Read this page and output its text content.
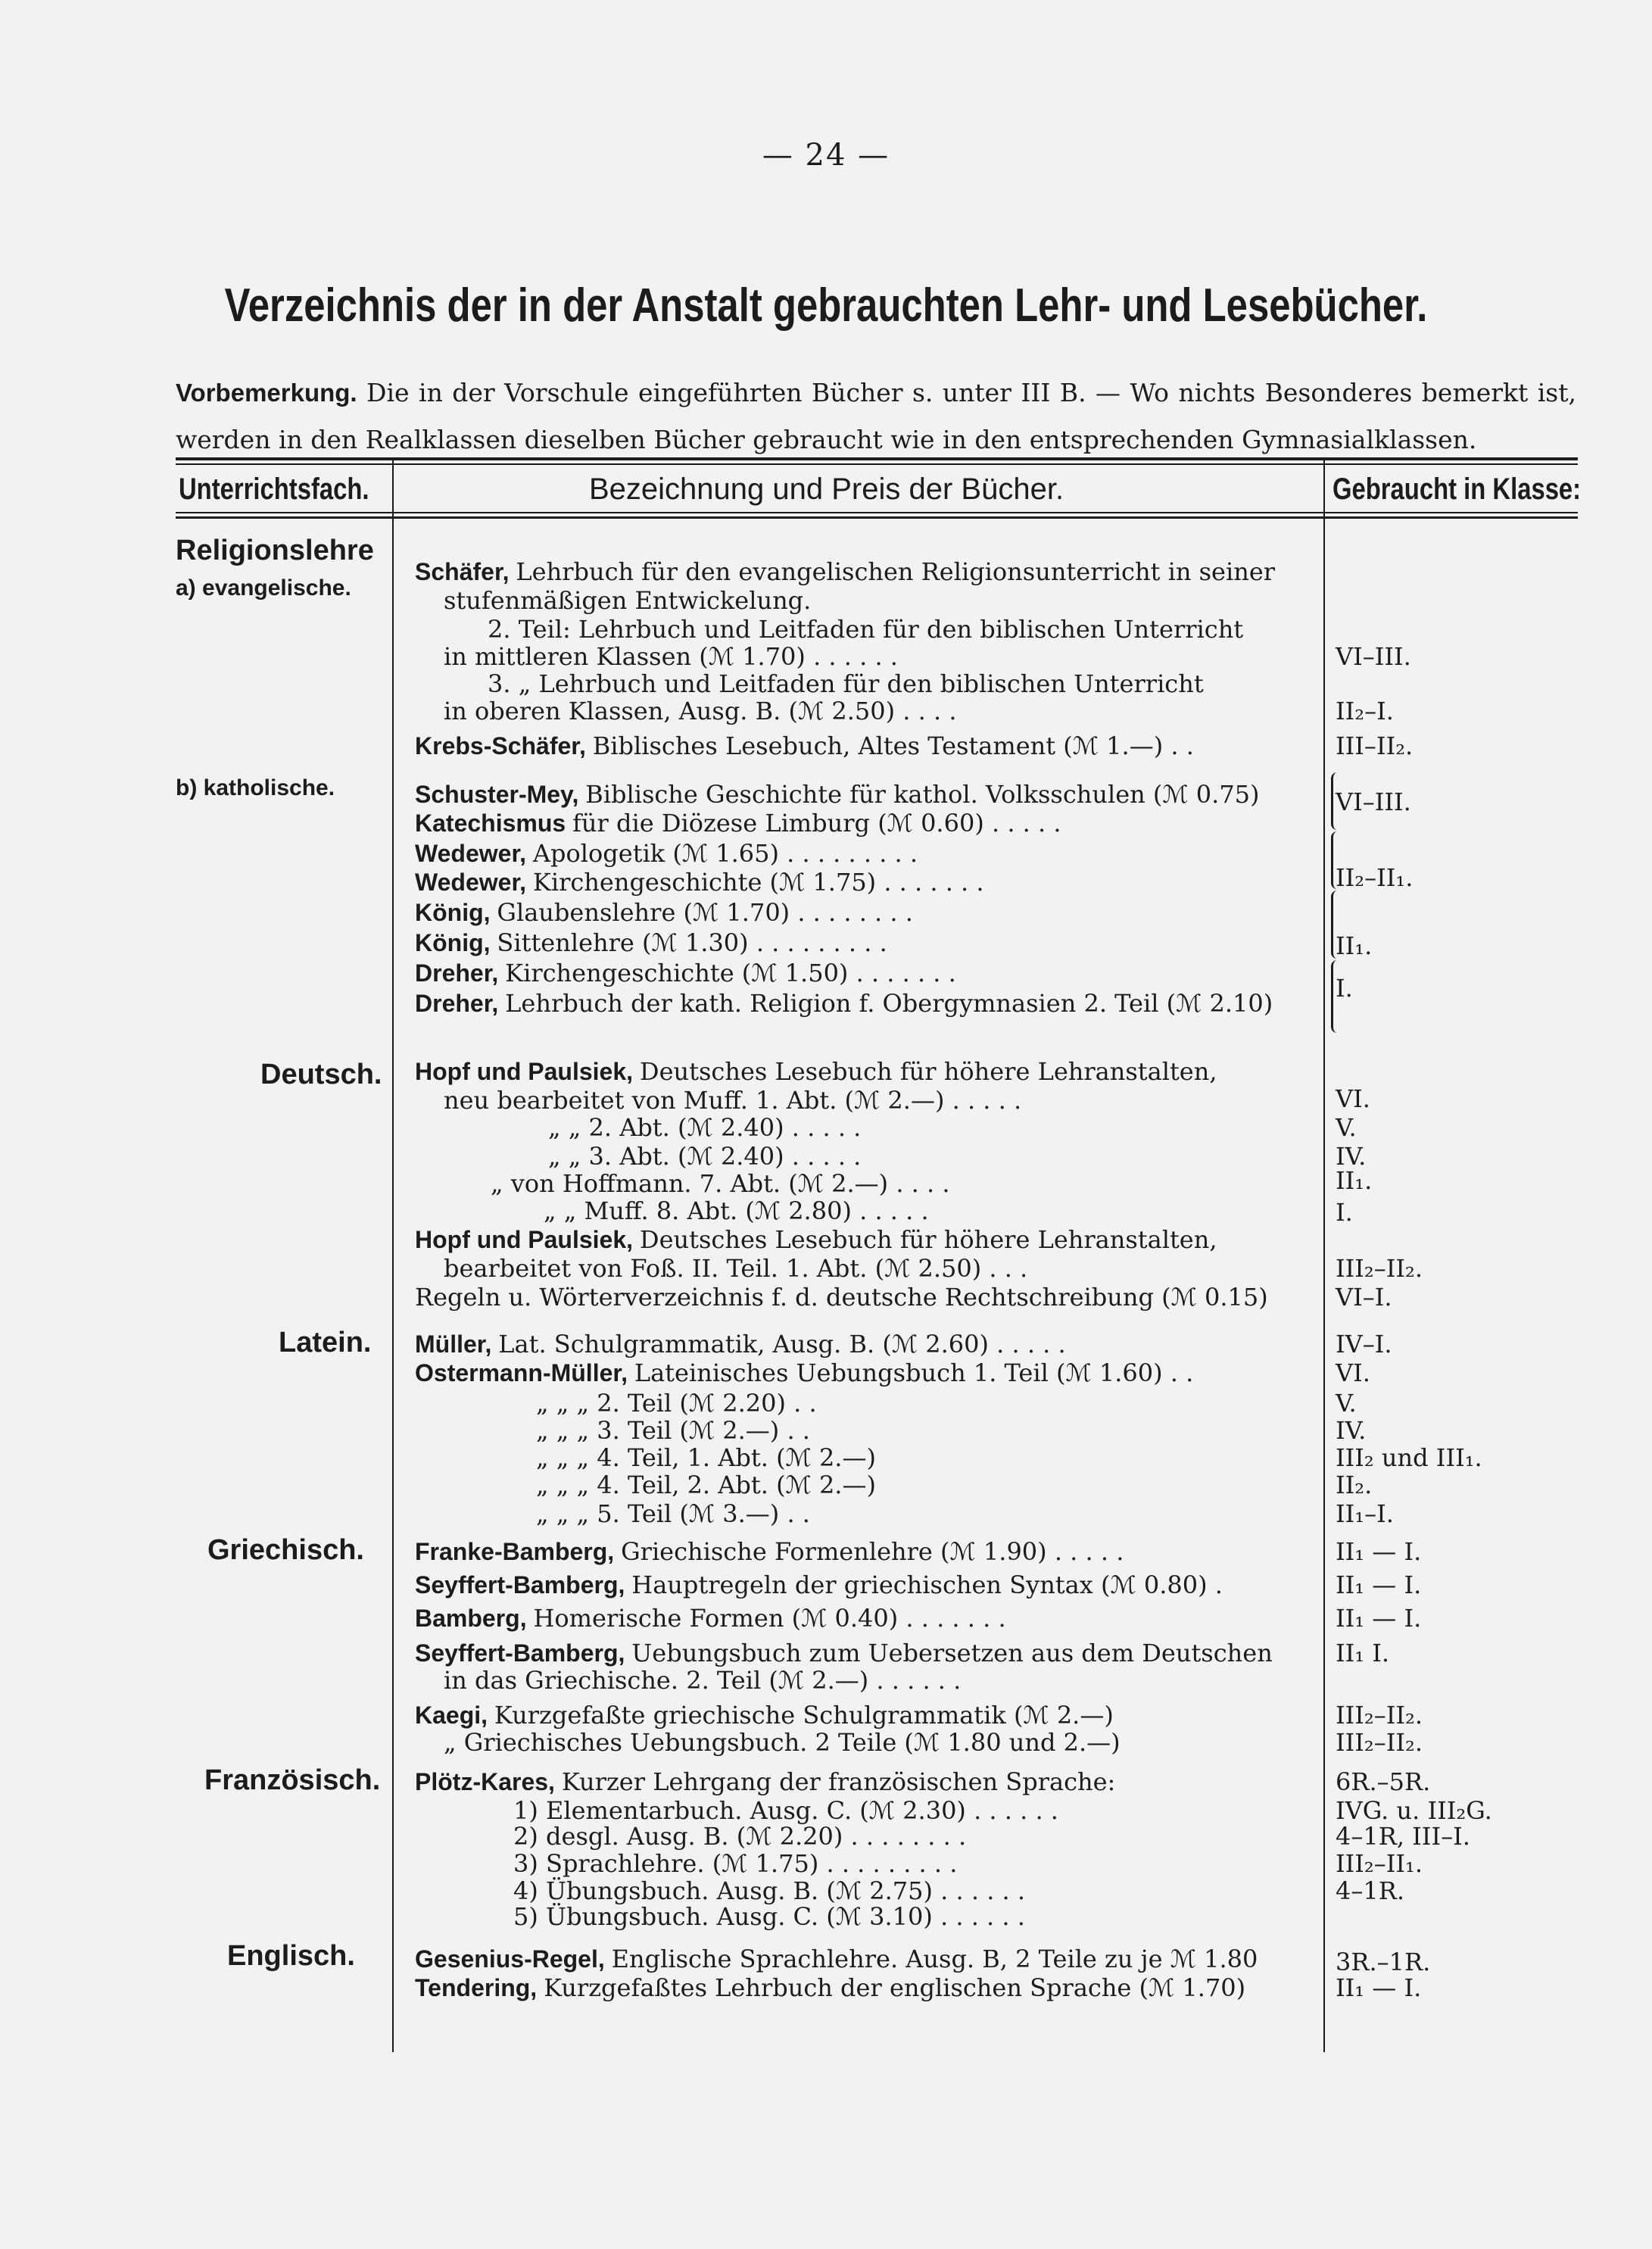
— 24 —
Verzeichnis der in der Anstalt gebrauchten Lehr- und Lesebücher.
Vorbemerkung. Die in der Vorschule eingeführten Bücher s. unter III B. — Wo nichts Besonderes bemerkt ist, werden in den Realklassen dieselben Bücher gebraucht wie in den entsprechenden Gymnasialklassen.
Unterrichtsfach.	Bezeichnung und Preis der Bücher.	Gebraucht in Klasse:
Religionslehre
a) evangelische.
b) katholische.
Deutsch.
Latein.
Griechisch.
Französisch.
Englisch.
Schäfer, Lehrbuch für den evangelischen Religionsunterricht in seiner
stufenmäßigen Entwickelung.
2. Teil: Lehrbuch und Leitfaden für den biblischen Unterricht
in mittleren Klassen (ℳ 1.70) . . . . . .
3. „ Lehrbuch und Leitfaden für den biblischen Unterricht
in oberen Klassen, Ausg. B. (ℳ 2.50) . . . .
Krebs-Schäfer, Biblisches Lesebuch, Altes Testament (ℳ 1.—) . .
Schuster-Mey, Biblische Geschichte für kathol. Volksschulen (ℳ 0.75)
Katechismus für die Diözese Limburg (ℳ 0.60) . . . . .
Wedewer, Apologetik (ℳ 1.65) . . . . . . . . .
Wedewer, Kirchengeschichte (ℳ 1.75) . . . . . . .
König, Glaubenslehre (ℳ 1.70) . . . . . . . .
König, Sittenlehre (ℳ 1.30) . . . . . . . . .
Dreher, Kirchengeschichte (ℳ 1.50) . . . . . . .
Dreher, Lehrbuch der kath. Religion f. Obergymnasien 2. Teil (ℳ 2.10)
Hopf und Paulsiek, Deutsches Lesebuch für höhere Lehranstalten,
neu bearbeitet von Muff. 1. Abt. (ℳ 2.—) . . . . .
„ „ 2. Abt. (ℳ 2.40) . . . . .
„ „ 3. Abt. (ℳ 2.40) . . . . .
„ von Hoffmann. 7. Abt. (ℳ 2.—) . . . .
„ „ Muff. 8. Abt. (ℳ 2.80) . . . . .
Hopf und Paulsiek, Deutsches Lesebuch für höhere Lehranstalten,
bearbeitet von Foß. II. Teil. 1. Abt. (ℳ 2.50) . . .
Regeln u. Wörterverzeichnis f. d. deutsche Rechtschreibung (ℳ 0.15)
Müller, Lat. Schulgrammatik, Ausg. B. (ℳ 2.60) . . . . .
Ostermann-Müller, Lateinisches Uebungsbuch 1. Teil (ℳ 1.60) . .
„ „ „ 2. Teil (ℳ 2.20) . .
„ „ „ 3. Teil (ℳ 2.—) . .
„ „ „ 4. Teil, 1. Abt. (ℳ 2.—)
„ „ „ 4. Teil, 2. Abt. (ℳ 2.—)
„ „ „ 5. Teil (ℳ 3.—) . .
Franke-Bamberg, Griechische Formenlehre (ℳ 1.90) . . . . .
Seyffert-Bamberg, Hauptregeln der griechischen Syntax (ℳ 0.80) .
Bamberg, Homerische Formen (ℳ 0.40) . . . . . . .
Seyffert-Bamberg, Uebungsbuch zum Uebersetzen aus dem Deutschen
in das Griechische. 2. Teil (ℳ 2.—) . . . . . .
Kaegi, Kurzgefaßte griechische Schulgrammatik (ℳ 2.—)
„ Griechisches Uebungsbuch. 2 Teile (ℳ 1.80 und 2.—)
Plötz-Kares, Kurzer Lehrgang der französischen Sprache:
1) Elementarbuch. Ausg. C. (ℳ 2.30) . . . . . .
2) desgl. Ausg. B. (ℳ 2.20) . . . . . . . .
3) Sprachlehre. (ℳ 1.75) . . . . . . . . .
4) Übungsbuch. Ausg. B. (ℳ 2.75) . . . . . .
5) Übungsbuch. Ausg. C. (ℳ 3.10) . . . . . .
Gesenius-Regel, Englische Sprachlehre. Ausg. B, 2 Teile zu je ℳ 1.80
Tendering, Kurzgefaßtes Lehrbuch der englischen Sprache (ℳ 1.70)
VI–III.
II₂–I.
III–II₂.
VI–III.
II₂–II₁.
II₁.
I.
VI.
V.
IV.
II₁.
I.
III₂–II₂.
VI–I.
IV–I.
VI.
V.
IV.
III₂ und III₁.
II₂.
II₁–I.
II₁ — I.
II₁ — I.
II₁ — I.
II₁ I.
III₂–II₂.
III₂–II₂.
6R.–5R.
IVG. u. III₂G.
4–1R, III–I.
III₂–II₁.
4–1R.
3R.–1R.
II₁ — I.
